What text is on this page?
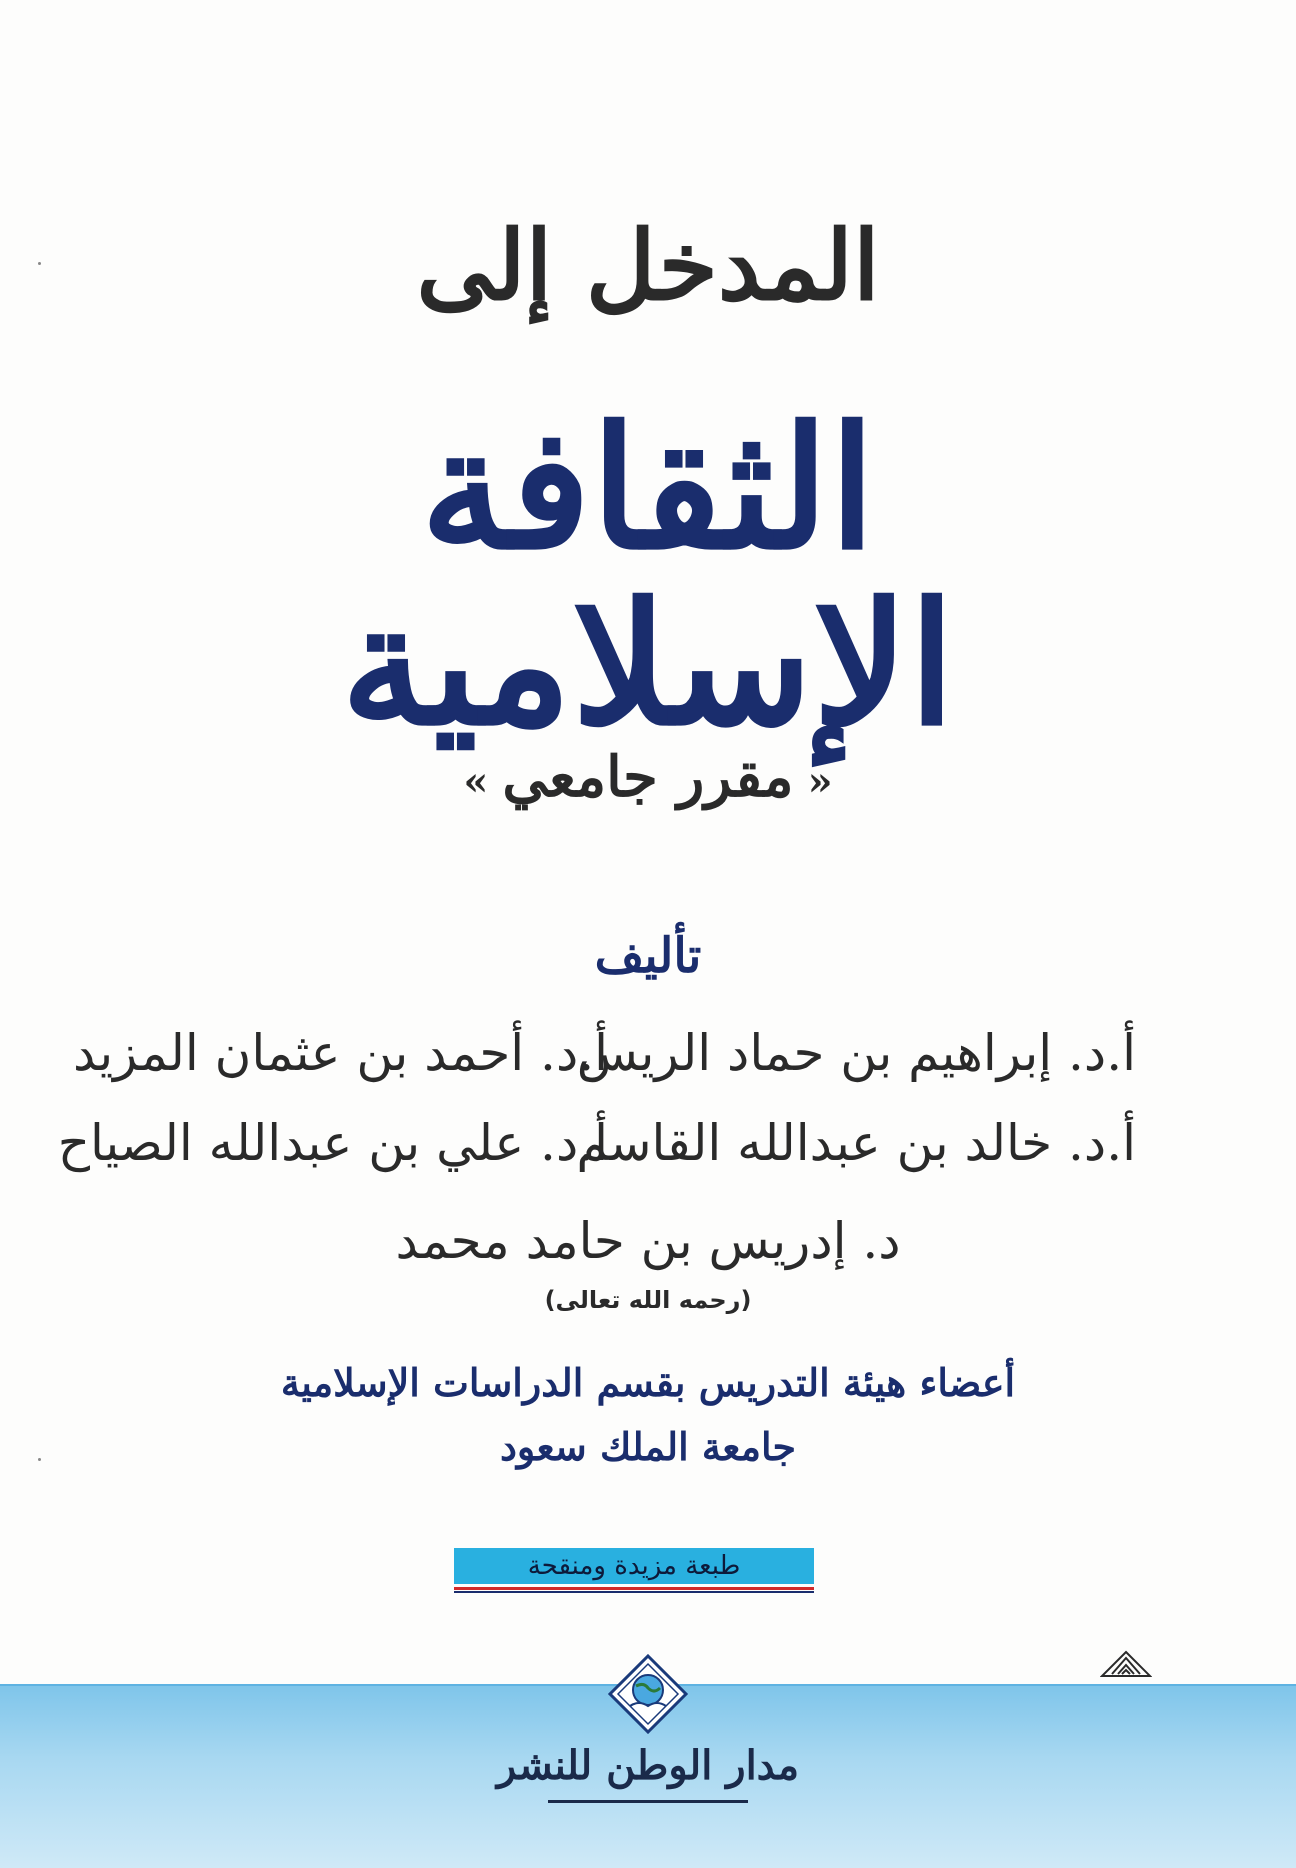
المدخل إلى
الثقافة الإسلامية
«مقرر جامعي»
تأليف
أ.د. إبراهيم بن حماد الريس
أ.د. أحمد بن عثمان المزيد
أ.د. خالد بن عبدالله القاسم
أ.د. علي بن عبدالله الصياح
د. إدريس بن حامد محمد
(رحمه الله تعالى)
أعضاء هيئة التدريس بقسم الدراسات الإسلامية
جامعة الملك سعود
طبعة مزيدة ومنقحة
مدار الوطن للنشر
